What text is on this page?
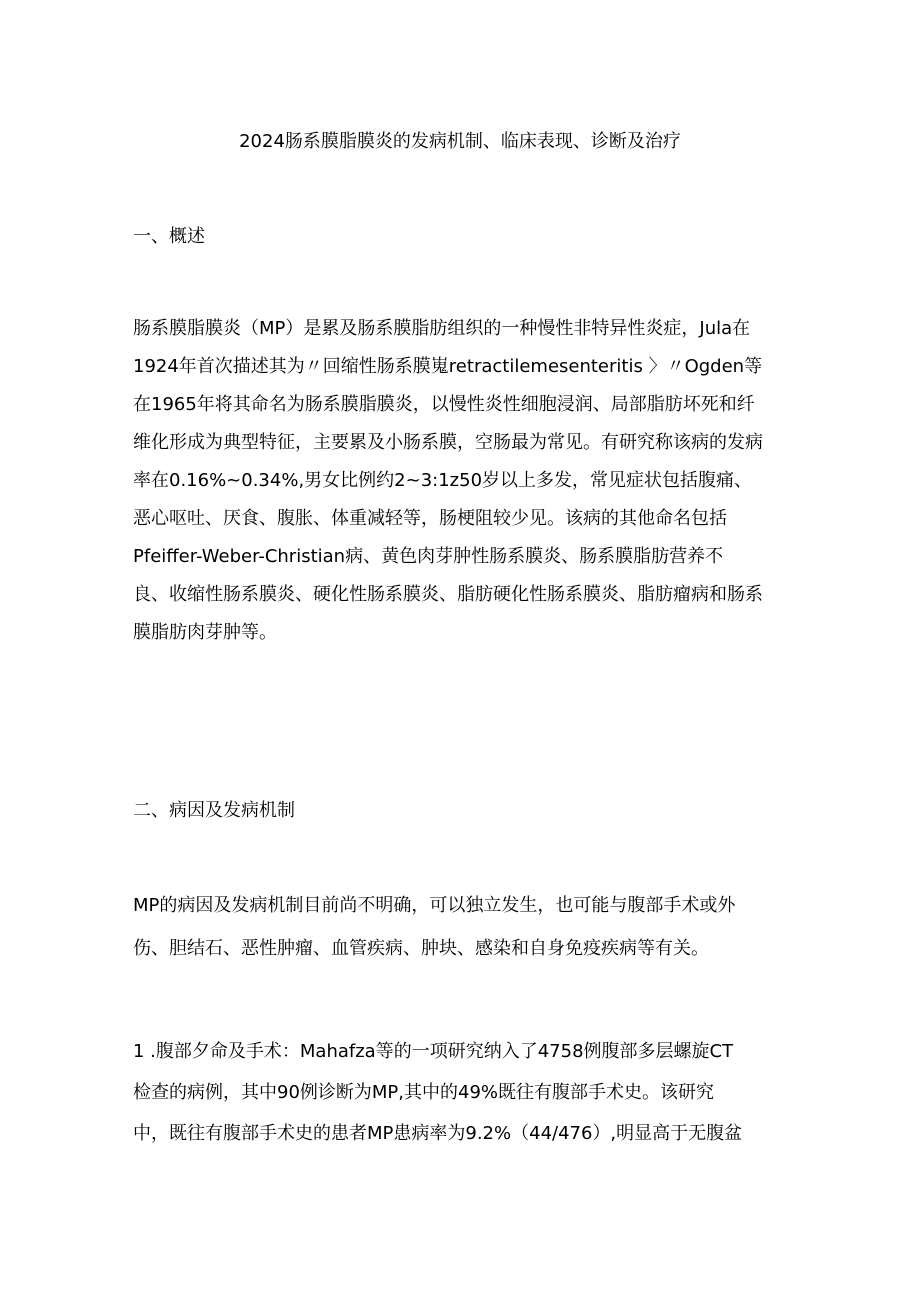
2024肠系膜脂膜炎的发病机制、临床表现、诊断及治疗
一、概述
肠系膜脂膜炎（MP）是累及肠系膜脂肪组织的一种慢性非特异性炎症，Jula在
1924年首次描述其为〃回缩性肠系膜嵬retractilemesenteritis 〉〃Ogden等
在1965年将其命名为肠系膜脂膜炎，以慢性炎性细胞浸润、局部脂肪坏死和纤
维化形成为典型特征，主要累及小肠系膜，空肠最为常见。有研究称该病的发病
率在0.16%~0.34%,男女比例约2~3:1z50岁以上多发，常见症状包括腹痛、
恶心呕吐、厌食、腹胀、体重减轻等，肠梗阻较少见。该病的其他命名包括
Pfeiffer-Weber-Christian病、黄色肉芽肿性肠系膜炎、肠系膜脂肪营养不
良、收缩性肠系膜炎、硬化性肠系膜炎、脂肪硬化性肠系膜炎、脂肪瘤病和肠系
膜脂肪肉芽肿等。
二、病因及发病机制
MP的病因及发病机制目前尚不明确，可以独立发生，也可能与腹部手术或外
伤、胆结石、恶性肿瘤、血管疾病、肿块、感染和自身免疫疾病等有关。
1 .腹部夕命及手术：Mahafza等的一项研究纳入了4758例腹部多层螺旋CT
检查的病例，其中90例诊断为MP,其中的49%既往有腹部手术史。该研究
中，既往有腹部手术史的患者MP患病率为9.2%（44/476）,明显高于无腹盆
